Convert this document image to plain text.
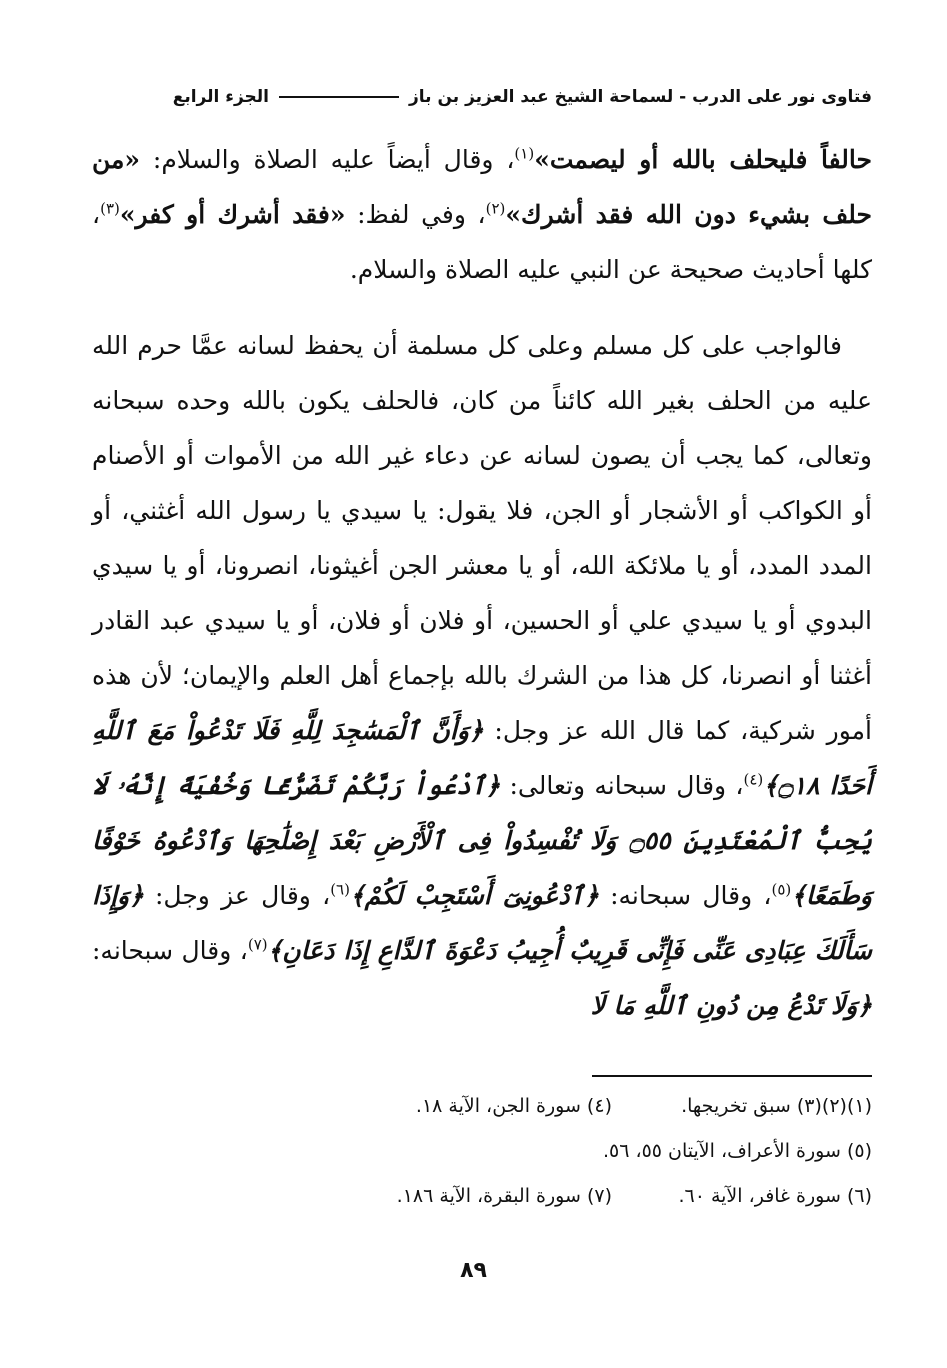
فتاوى نور على الدرب - لسماحة الشيخ عبد العزيز بن باز
الجزء الرابع

حالفاً فليحلف بالله أو ليصمت»$^{(١)}$، وقال أيضاً عليه الصلاة والسلام: «من حلف بشيء دون الله فقد أشرك»$^{(٢)}$، وفي لفظ: «فقد أشرك أو كفر»$^{(٣)}$، كلها أحاديث صحيحة عن النبي عليه الصلاة والسلام.

فالواجب على كل مسلم وعلى كل مسلمة أن يحفظ لسانه عمَّا حرم الله عليه من الحلف بغير الله كائناً من كان، فالحلف يكون بالله وحده سبحانه وتعالى، كما يجب أن يصون لسانه عن دعاء غير الله من الأموات أو الأصنام أو الكواكب أو الأشجار أو الجن، فلا يقول: يا سيدي يا رسول الله أغثني، أو المدد المدد، أو يا ملائكة الله، أو يا معشر الجن أغيثونا، انصرونا، أو يا سيدي البدوي أو يا سيدي علي أو الحسين، أو فلان أو فلان، أو يا سيدي عبد القادر أغثنا أو انصرنا، كل هذا من الشرك بالله بإجماع أهل العلم والإيمان؛ لأن هذه أمور شركية، كما قال الله عز وجل: ﴿وَأَنَّ ٱلْمَسَٰجِدَ لِلَّهِ فَلَا تَدْعُواْ مَعَ ٱللَّهِ أَحَدًا ۝١٨﴾$^{(٤)}$، وقال سبحانه وتعالى: ﴿ٱدْعُواْ رَبَّكُمْ تَضَرُّعًا وَخُفْيَةً إِنَّهُۥ لَا يُحِبُّ ٱلْمُعْتَدِينَ ۝٥٥ وَلَا تُفْسِدُواْ فِى ٱلْأَرْضِ بَعْدَ إِصْلَٰحِهَا وَٱدْعُوهُ خَوْفًا وَطَمَعًا﴾$^{(٥)}$، وقال سبحانه: ﴿ٱدْعُونِىٓ أَسْتَجِبْ لَكُمْ﴾$^{(٦)}$، وقال عز وجل: ﴿وَإِذَا سَأَلَكَ عِبَادِى عَنِّى فَإِنِّى قَرِيبٌ أُجِيبُ دَعْوَةَ ٱلدَّاعِ إِذَا دَعَانِ﴾$^{(٧)}$، وقال سبحانه: ﴿وَلَا تَدْعُ مِن دُونِ ٱللَّهِ مَا لَا

(١)(٢)(٣) سبق تخريجها.
(٤) سورة الجن، الآية ١٨.
(٥) سورة الأعراف، الآيتان ٥٥، ٥٦.
(٦) سورة غافر، الآية ٦٠.
(٧) سورة البقرة، الآية ١٨٦.
٨٩
